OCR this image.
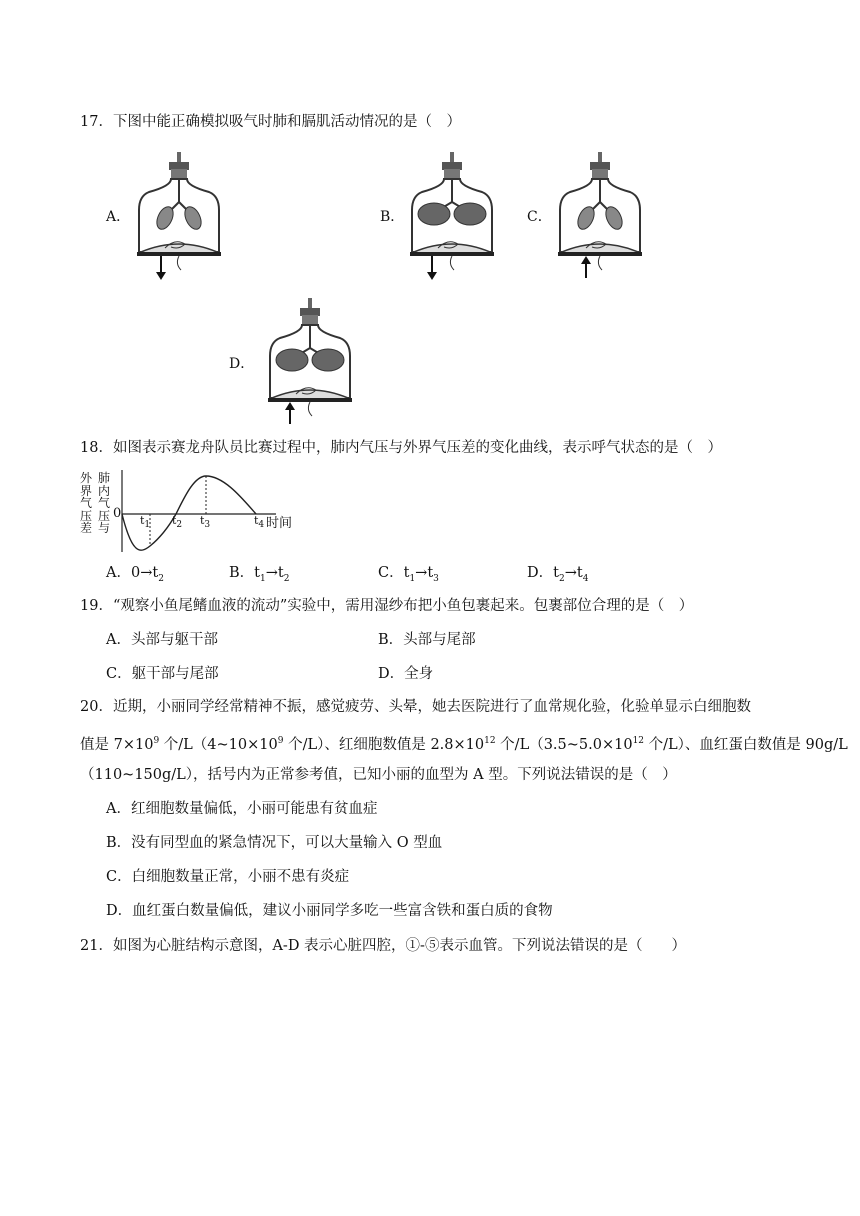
17．下图中能正确模拟吸气时肺和膈肌活动情况的是（　）
A．	B．	C．
D．
18．如图表示赛龙舟队员比赛过程中，肺内气压与外界气压差的变化曲线，表示呼气状态的是（　）
外界气压差
肺内气压与
0 $t_1$ $t_2$ $t_3$	$t_4$ 时间
A．$0\to t_2$	B．$t_1\to t_2$	C．$t_1\to t_3$	D．$t_2\to t_4$
19．“观察小鱼尾鳍血液的流动”实验中，需用湿纱布把小鱼包裹起来。包裹部位合理的是（　）
A．头部与躯干部	B．头部与尾部
C．躯干部与尾部	D．全身
20．近期，小丽同学经常精神不振，感觉疲劳、头晕，她去医院进行了血常规化验，化验单显示白细胞数
值是 $7\times 10^9$ 个$/L(4\sim 10\times 10^9$ 个/L）、红细胞数值是 $2.8\times 10^{12}$ 个$/L(3.5\sim 5.0\times 10^{12}$ 个/L）、血红蛋白数值是 90g/L
（110~150g/L），括号内为正常参考值，已知小丽的血型为 A 型。下列说法错误的是（　）
A．红细胞数量偏低，小丽可能患有贫血症
B．没有同型血的紧急情况下，可以大量输入 O 型血
C．白细胞数量正常，小丽不患有炎症
D．血红蛋白数量偏低，建议小丽同学多吃一些富含铁和蛋白质的食物
21．如图为心脏结构示意图，A-D 表示心脏四腔，①-⑤表示血管。下列说法错误的是（　　）
